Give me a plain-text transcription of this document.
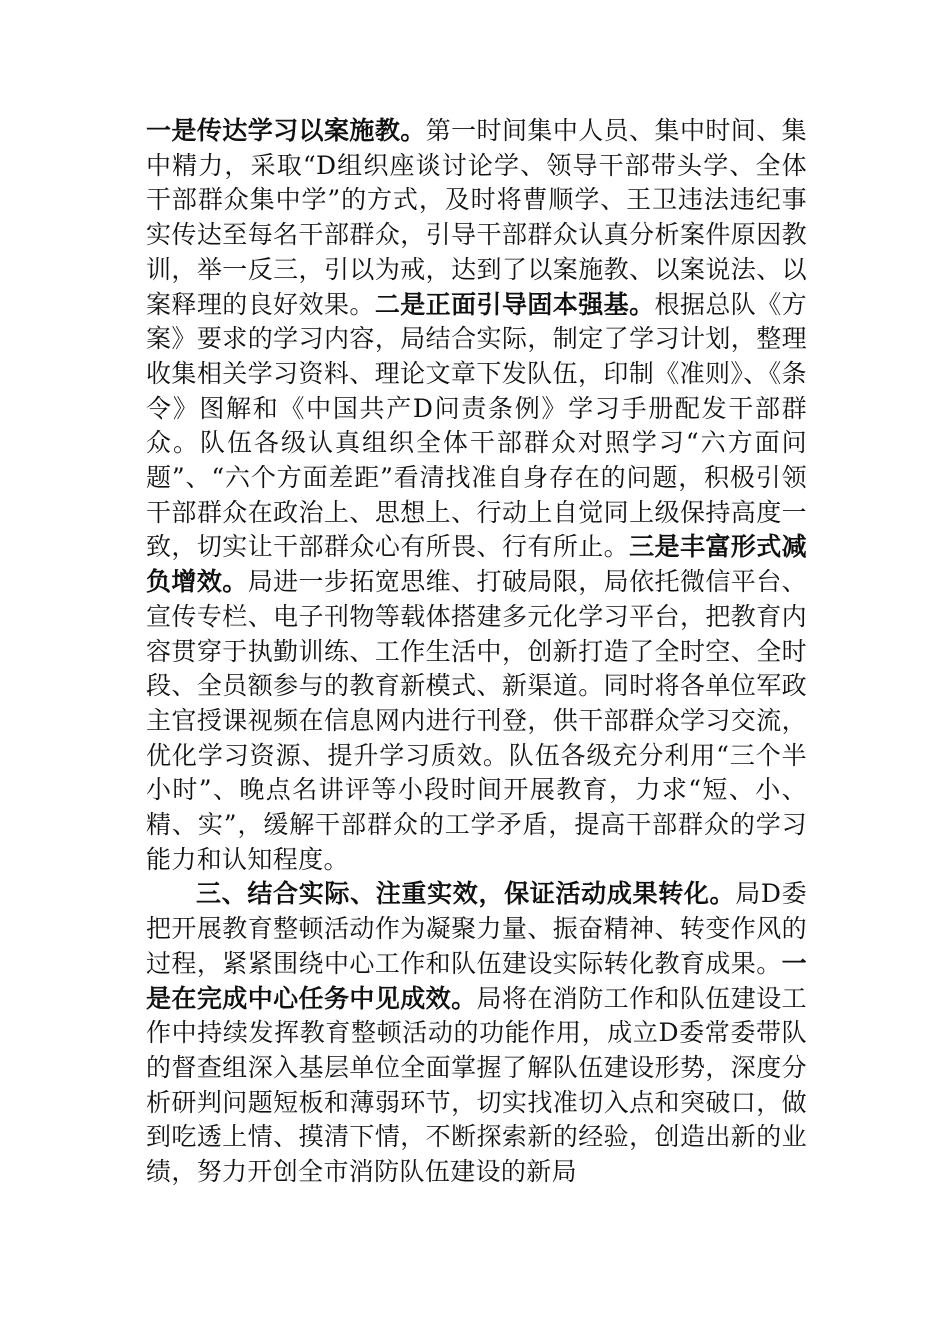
一是传达学习以案施教。第一时间集中人员、集中时间、集中精力，采取“D组织座谈讨论学、领导干部带头学、全体干部群众集中学”的方式，及时将曹顺学、王卫违法违纪事实传达至每名干部群众，引导干部群众认真分析案件原因教训，举一反三，引以为戒，达到了以案施教、以案说法、以案释理的良好效果。二是正面引导固本强基。根据总队《方案》要求的学习内容，局结合实际，制定了学习计划，整理收集相关学习资料、理论文章下发队伍，印制《准则》、《条令》图解和《中国共产D问责条例》学习手册配发干部群众。队伍各级认真组织全体干部群众对照学习“六方面问题”、“六个方面差距”看清找准自身存在的问题，积极引领干部群众在政治上、思想上、行动上自觉同上级保持高度一致，切实让干部群众心有所畏、行有所止。三是丰富形式减负增效。局进一步拓宽思维、打破局限，局依托微信平台、宣传专栏、电子刊物等载体搭建多元化学习平台，把教育内容贯穿于执勤训练、工作生活中，创新打造了全时空、全时段、全员额参与的教育新模式、新渠道。同时将各单位军政主官授课视频在信息网内进行刊登，供干部群众学习交流，优化学习资源、提升学习质效。队伍各级充分利用“三个半小时”、晚点名讲评等小段时间开展教育，力求“短、小、精、实”，缓解干部群众的工学矛盾，提高干部群众的学习能力和认知程度。

三、结合实际、注重实效，保证活动成果转化。局D委把开展教育整顿活动作为凝聚力量、振奋精神、转变作风的过程，紧紧围绕中心工作和队伍建设实际转化教育成果。一是在完成中心任务中见成效。局将在消防工作和队伍建设工作中持续发挥教育整顿活动的功能作用，成立D委常委带队的督查组深入基层单位全面掌握了解队伍建设形势，深度分析研判问题短板和薄弱环节，切实找准切入点和突破口，做到吃透上情、摸清下情，不断探索新的经验，创造出新的业绩，努力开创全市消防队伍建设的新局
